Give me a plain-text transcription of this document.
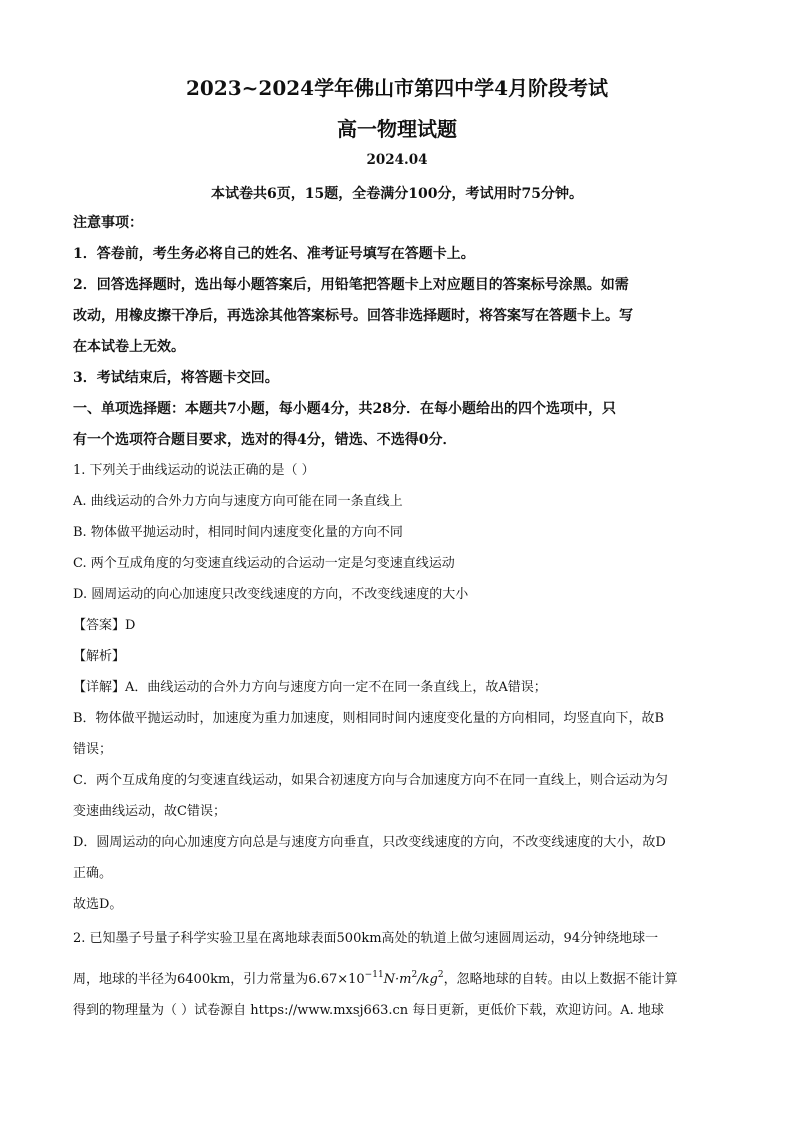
2023~2024学年佛山市第四中学4月阶段考试
高一物理试题
2024.04
本试卷共6页，15题，全卷满分100分，考试用时75分钟。
注意事项：
1．答卷前，考生务必将自己的姓名、准考证号填写在答题卡上。
2．回答选择题时，选出每小题答案后，用铅笔把答题卡上对应题目的答案标号涂黑。如需
改动，用橡皮擦干净后，再选涂其他答案标号。回答非选择题时，将答案写在答题卡上。写
在本试卷上无效。
3．考试结束后，将答题卡交回。
一、单项选择题：本题共7小题，每小题4分，共28分．在每小题给出的四个选项中，只
有一个选项符合题目要求，选对的得4分，错选、不选得0分．
1. 下列关于曲线运动的说法正确的是（ ）
A. 曲线运动的合外力方向与速度方向可能在同一条直线上
B. 物体做平抛运动时，相同时间内速度变化量的方向不同
C. 两个互成角度的匀变速直线运动的合运动一定是匀变速直线运动
D. 圆周运动的向心加速度只改变线速度的方向，不改变线速度的大小
【答案】D
【解析】
【详解】A．曲线运动的合外力方向与速度方向一定不在同一条直线上，故A错误；
B．物体做平抛运动时，加速度为重力加速度，则相同时间内速度变化量的方向相同，均竖直向下，故B
错误；
C．两个互成角度的匀变速直线运动，如果合初速度方向与合加速度方向不在同一直线上，则合运动为匀
变速曲线运动，故C错误；
D．圆周运动的向心加速度方向总是与速度方向垂直，只改变线速度的方向，不改变线速度的大小，故D
正确。
故选D。
2. 已知墨子号量子科学实验卫星在离地球表面500km高处的轨道上做匀速圆周运动，94分钟绕地球一
周，地球的半径为6400km，引力常量为$6.67\times 10^{-11}N\cdot m^2/kg^2$，忽略地球的自转。由以上数据不能计算
得到的物理量为（ ）试卷源自 https://www.mxsj663.cn 每日更新，更低价下载，欢迎访问。A. 地球
